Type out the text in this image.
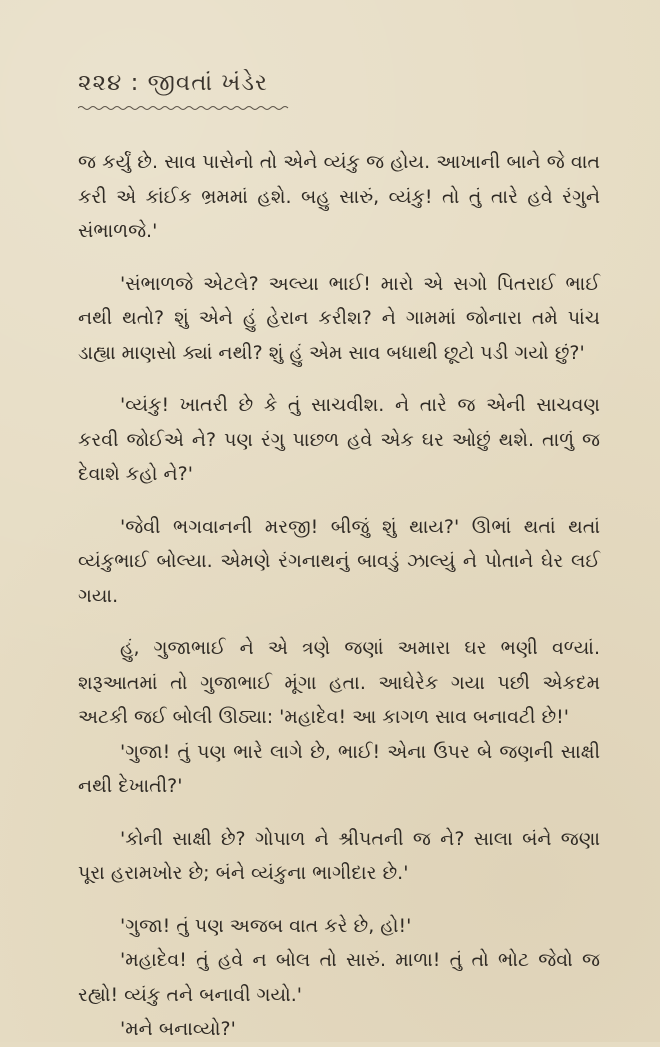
૨૨૪ : જીવતાં ખંડેર

જ કર્યું છે. સાવ પાસેનો તો એને વ્યંકુ જ હોય. આખાની બાને જે વાત કરી એ કાંઈક ભ્રમમાં હશે. બહુ સારું, વ્યંકુ! તો તું તારે હવે રંગુને સંભાળજે.'

'સંભાળજે એટલે? અલ્યા ભાઈ! મારો એ સગો પિતરાઈ ભાઈ નથી થતો? શું એને હું હેરાન કરીશ? ને ગામમાં જોનારા તમે પાંચ ડાહ્યા માણસો ક્યાં નથી? શું હું એમ સાવ બધાથી છૂટો પડી ગયો છું?'

'વ્યંકુ! ખાતરી છે કે તું સાચવીશ. ને તારે જ એની સાચવણ કરવી જોઈએ ને? પણ રંગુ પાછળ હવે એક ઘર ઓછું થશે. તાળું જ દેવાશે કહો ને?'

'જેવી ભગવાનની મરજી! બીજું શું થાય?' ઊભાં થતાં થતાં વ્યંકુભાઈ બોલ્યા. એમણે રંગનાથનું બાવડું ઝાલ્યું ને પોતાને ઘેર લઈ ગયા.

હું, ગુજાભાઈ ને એ ત્રણે જણાં અમારા ઘર ભણી વળ્યાં. શરૂઆતમાં તો ગુજાભાઈ મૂંગા હતા. આઘેરેક ગયા પછી એકદમ અટકી જઈ બોલી ઊઠ્યા: 'મહાદેવ! આ કાગળ સાવ બનાવટી છે!'

'ગુજા! તું પણ ભારે લાગે છે, ભાઈ! એના ઉપર બે જણની સાક્ષી નથી દેખાતી?'

'કોની સાક્ષી છે? ગોપાળ ને શ્રીપતની જ ને? સાલા બંને જણા પૂરા હરામખોર છે; બંને વ્યંકુના ભાગીદાર છે.'

'ગુજા! તું પણ અજબ વાત કરે છે, હો!'

'મહાદેવ! તું હવે ન બોલ તો સારું. માળા! તું તો ભોટ જેવો જ રહ્યો! વ્યંકુ તને બનાવી ગયો.'

'મને બનાવ્યો?'
